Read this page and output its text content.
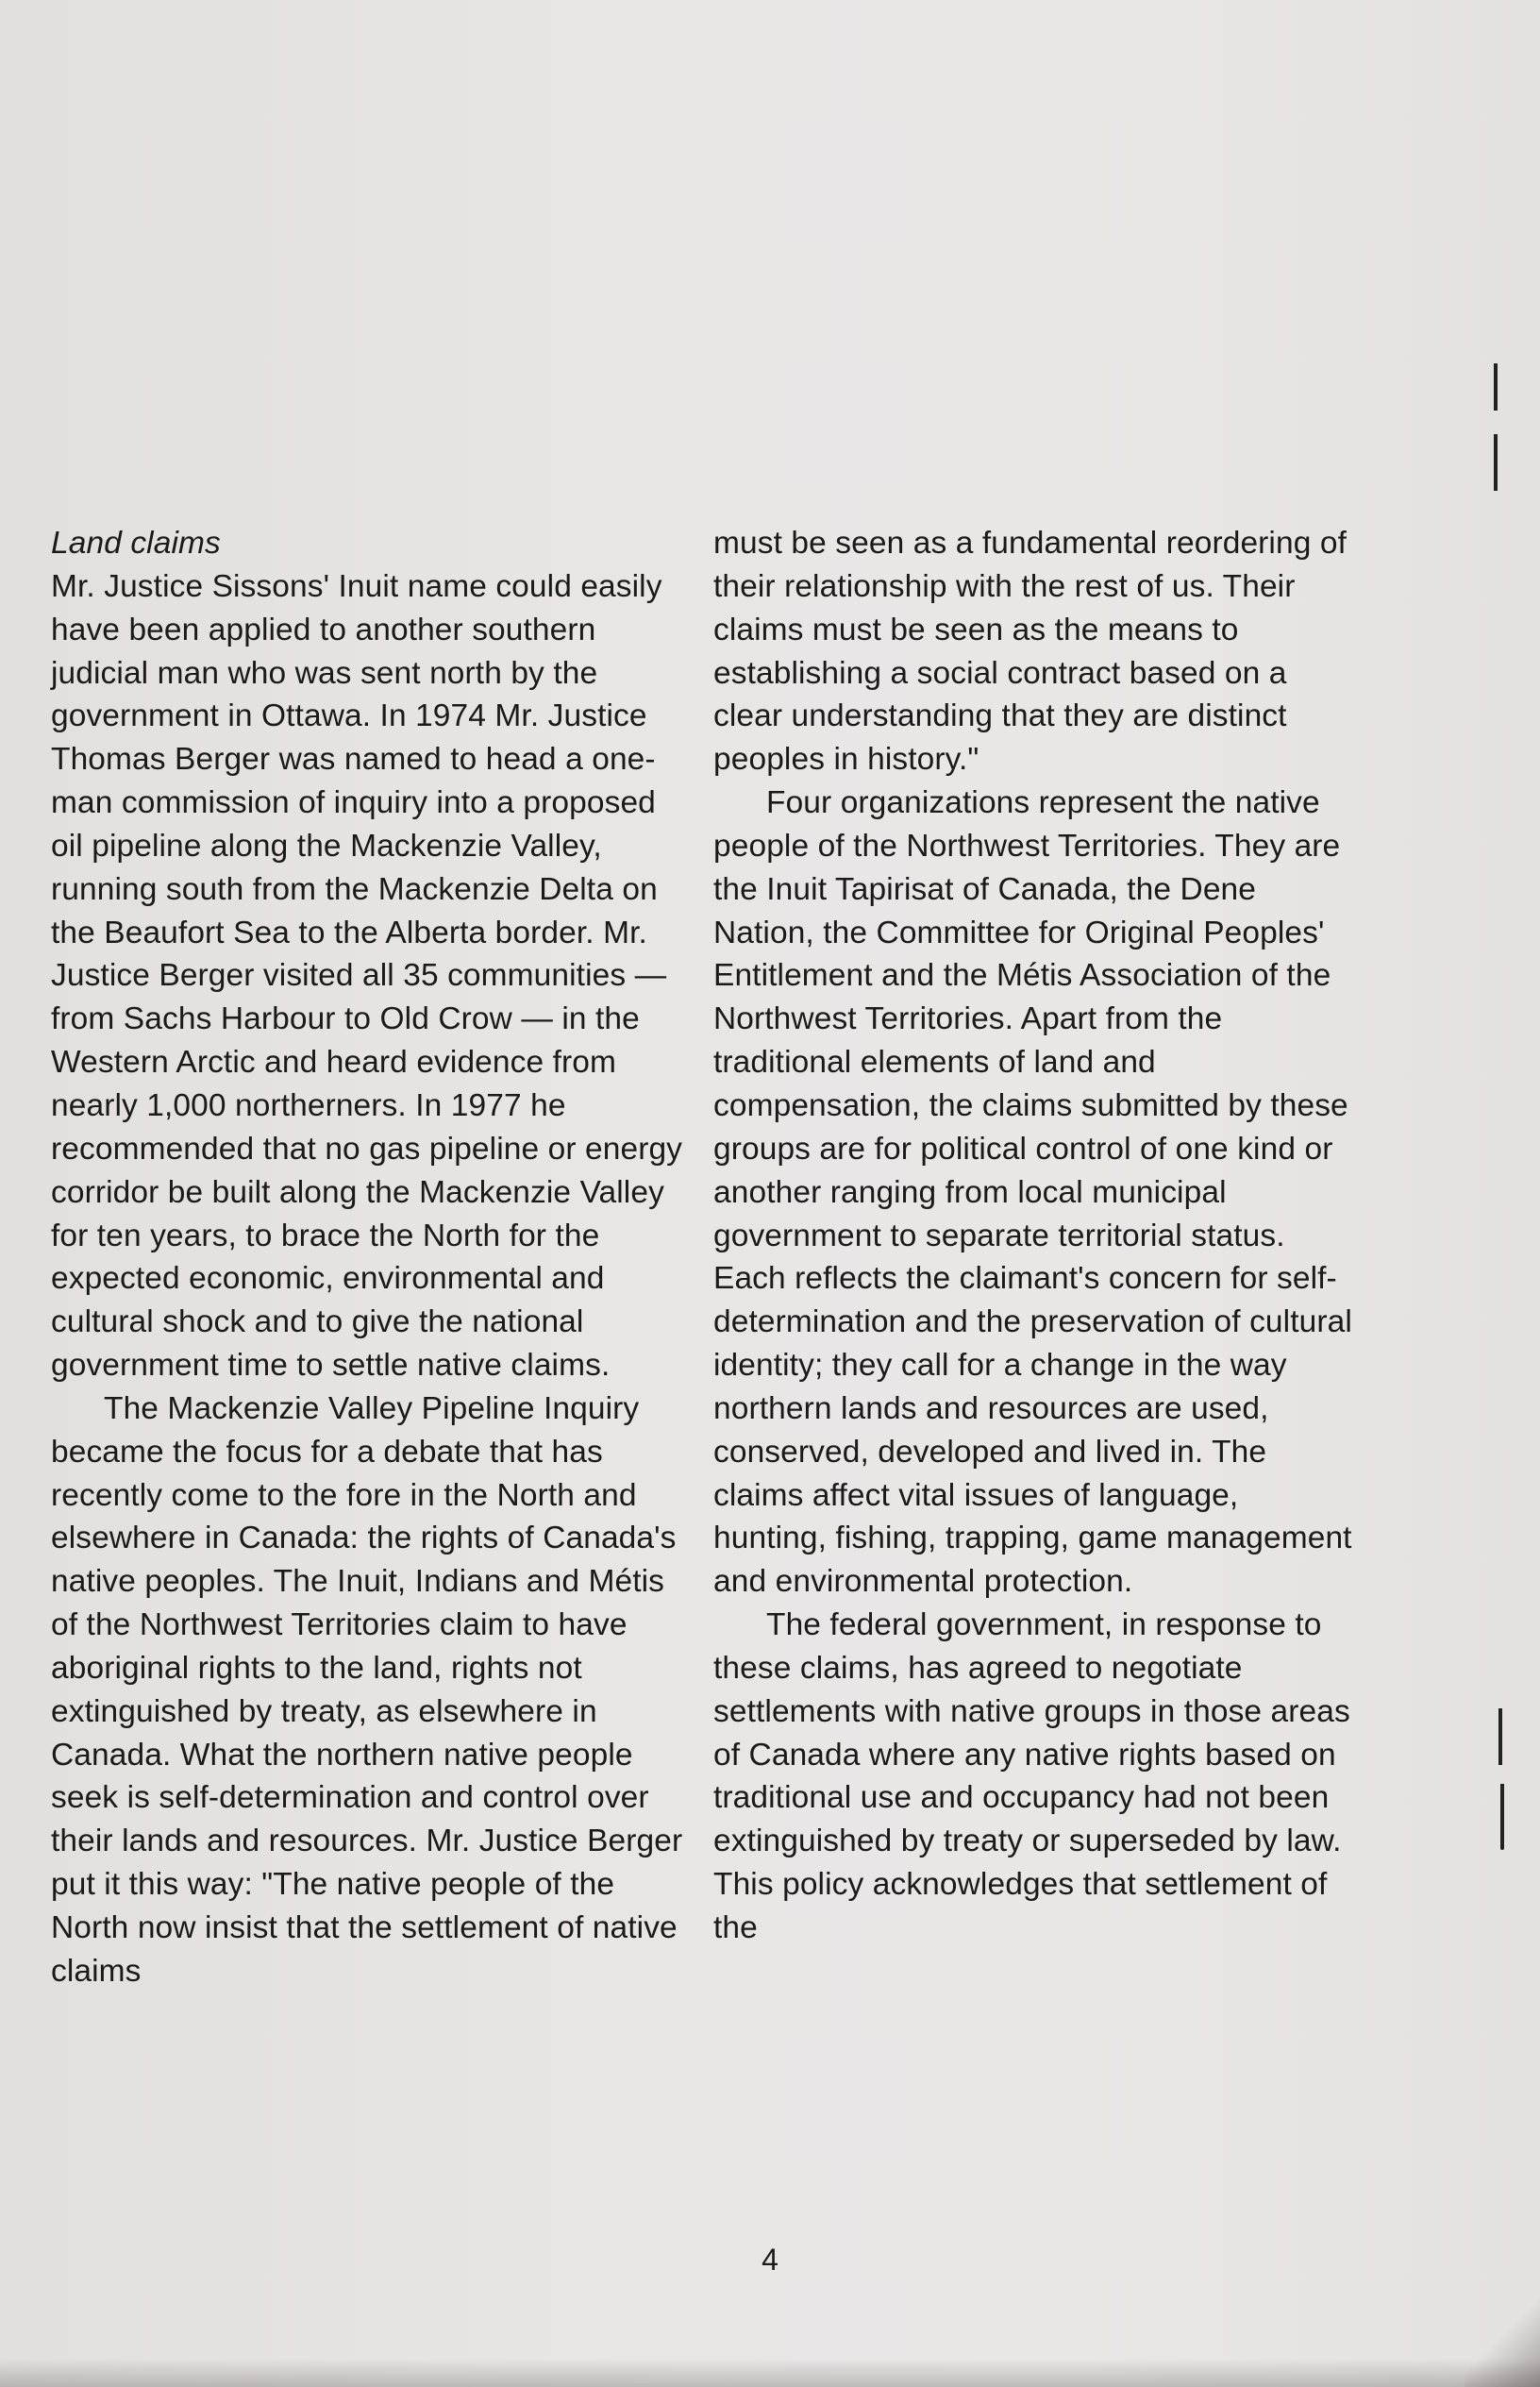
Land claims

Mr. Justice Sissons' Inuit name could easily have been applied to another southern judicial man who was sent north by the government in Ottawa. In 1974 Mr. Justice Thomas Berger was named to head a one-man commission of inquiry into a proposed oil pipeline along the Mackenzie Valley, running south from the Mackenzie Delta on the Beaufort Sea to the Alberta border. Mr. Justice Berger visited all 35 communities — from Sachs Harbour to Old Crow — in the Western Arctic and heard evidence from nearly 1,000 northerners. In 1977 he recommended that no gas pipeline or energy corridor be built along the Mackenzie Valley for ten years, to brace the North for the expected economic, environmental and cultural shock and to give the national government time to settle native claims.

The Mackenzie Valley Pipeline Inquiry became the focus for a debate that has recently come to the fore in the North and elsewhere in Canada: the rights of Canada's native peoples. The Inuit, Indians and Métis of the Northwest Territories claim to have aboriginal rights to the land, rights not extinguished by treaty, as elsewhere in Canada. What the northern native people seek is self-determination and control over their lands and resources. Mr. Justice Berger put it this way: "The native people of the North now insist that the settlement of native claims

must be seen as a fundamental reordering of their relationship with the rest of us. Their claims must be seen as the means to establishing a social contract based on a clear understanding that they are distinct peoples in history."

Four organizations represent the native people of the Northwest Territories. They are the Inuit Tapirisat of Canada, the Dene Nation, the Committee for Original Peoples' Entitlement and the Métis Association of the Northwest Territories. Apart from the traditional elements of land and compensation, the claims submitted by these groups are for political control of one kind or another ranging from local municipal government to separate territorial status. Each reflects the claimant's concern for self-determination and the preservation of cultural identity; they call for a change in the way northern lands and resources are used, conserved, developed and lived in. The claims affect vital issues of language, hunting, fishing, trapping, game management and environmental protection.

The federal government, in response to these claims, has agreed to negotiate settlements with native groups in those areas of Canada where any native rights based on traditional use and occupancy had not been extinguished by treaty or superseded by law. This policy acknowledges that settlement of the

4
